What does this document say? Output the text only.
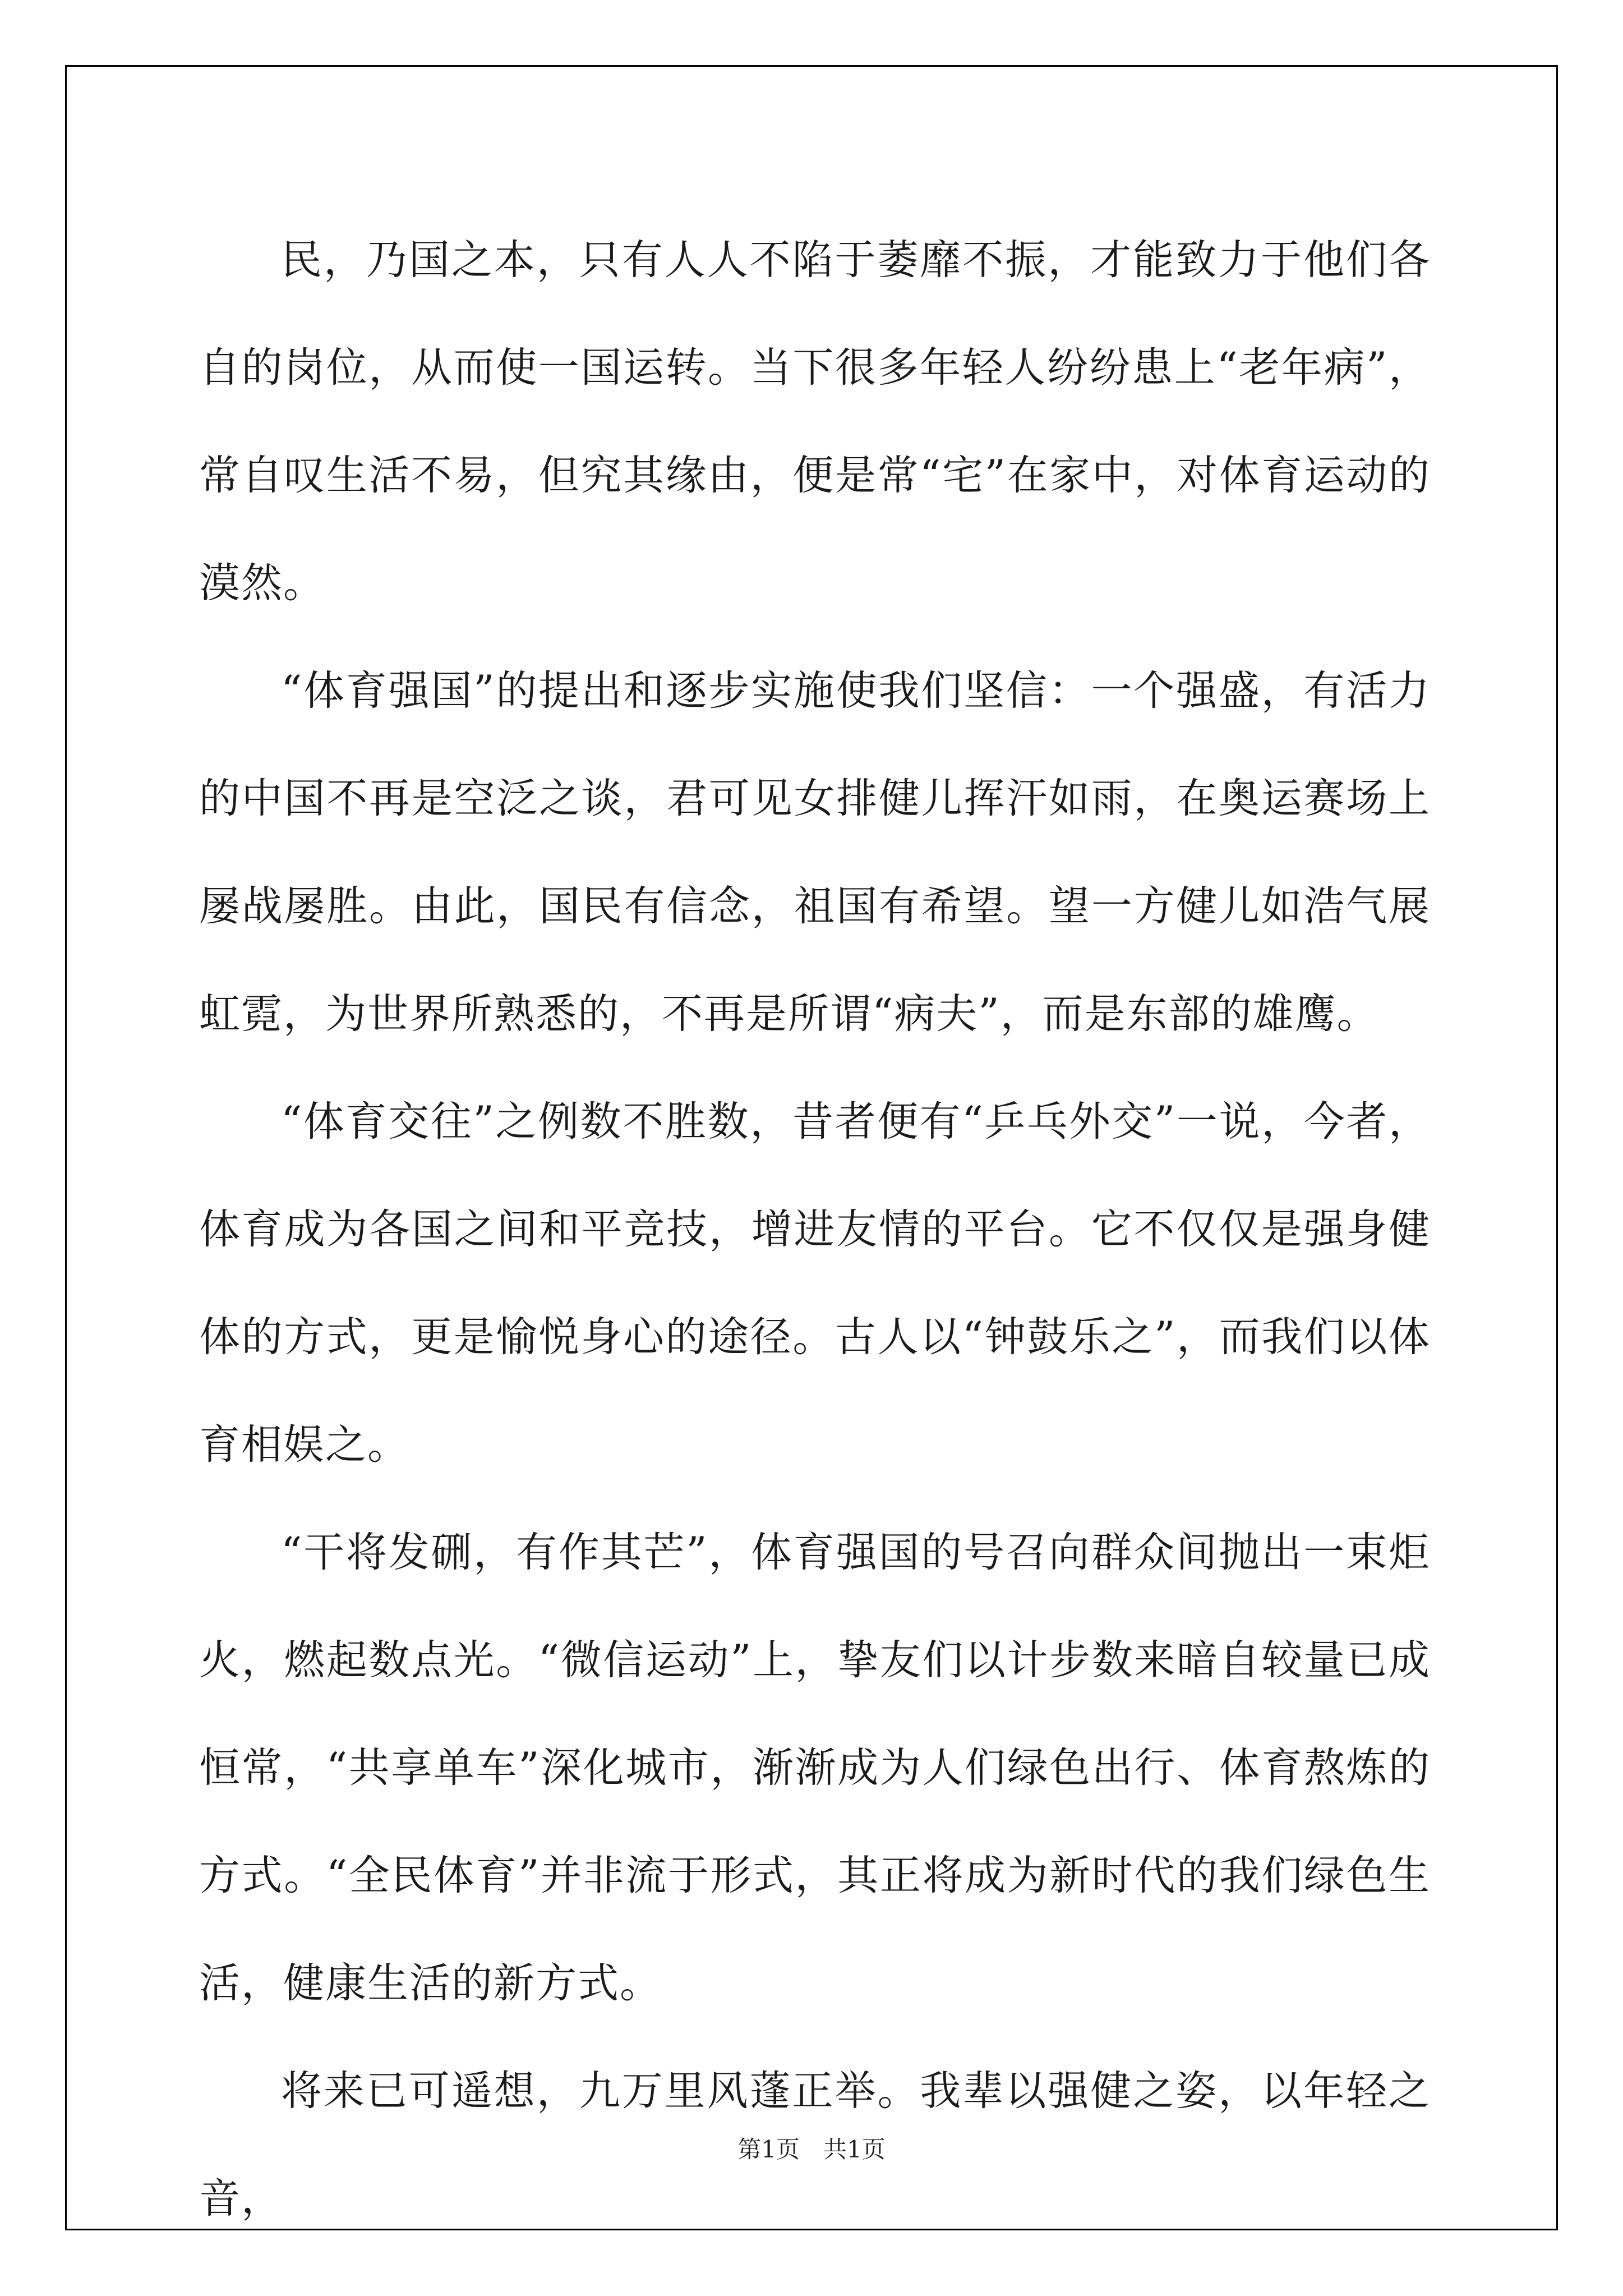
民，乃国之本，只有人人不陷于萎靡不振，才能致力于他们各自的岗位，从而使一国运转。当下很多年轻人纷纷患上“老年病”，常自叹生活不易，但究其缘由，便是常“宅”在家中，对体育运动的漠然。

“体育强国”的提出和逐步实施使我们坚信：一个强盛，有活力的中国不再是空泛之谈，君可见女排健儿挥汗如雨，在奥运赛场上屡战屡胜。由此，国民有信念，祖国有希望。望一方健儿如浩气展虹霓，为世界所熟悉的，不再是所谓“病夫”，而是东部的雄鹰。

“体育交往”之例数不胜数，昔者便有“乒乓外交”一说，今者，体育成为各国之间和平竞技，增进友情的平台。它不仅仅是强身健体的方式，更是愉悦身心的途径。古人以“钟鼓乐之”，而我们以体育相娱之。

“干将发硎，有作其芒”，体育强国的号召向群众间抛出一束炬火，燃起数点光。“微信运动”上，挚友们以计步数来暗自较量已成恒常，“共享单车”深化城市，渐渐成为人们绿色出行、体育熬炼的方式。“全民体育”并非流于形式，其正将成为新时代的我们绿色生活，健康生活的新方式。

将来已可遥想，九万里风蓬正举。我辈以强健之姿，以年轻之音，

第1页　共1页
